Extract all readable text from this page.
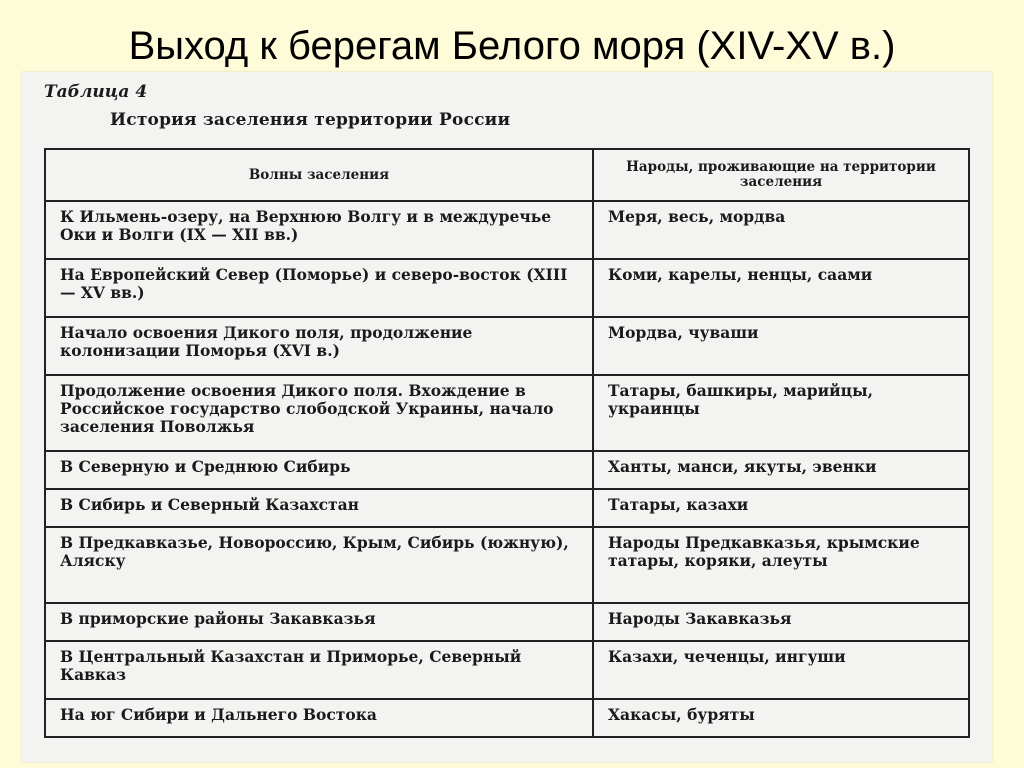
Выход к берегам Белого моря (XIV-XV в.)
Таблица 4
История заселения территории России
Волны заселения	Народы, проживающие на территории заселения
К Ильмень-озеру, на Верхнюю Волгу и в междуречье Оки и Волги (IX — XII вв.)	Меря, весь, мордва
На Европейский Север (Поморье) и северо-восток (XIII — XV вв.)	Коми, карелы, ненцы, саами
Начало освоения Дикого поля, продолжение колонизации Поморья (XVI в.)	Мордва, чуваши
Продолжение освоения Дикого поля. Вхождение в Российское государство слободской Украины, начало заселения Поволжья	Татары, башкиры, марийцы, украинцы
В Северную и Среднюю Сибирь	Ханты, манси, якуты, эвенки
В Сибирь и Северный Казахстан	Татары, казахи
В Предкавказье, Новороссию, Крым, Сибирь (южную), Аляску	Народы Предкавказья, крымские татары, коряки, алеуты
В приморские районы Закавказья	Народы Закавказья
В Центральный Казахстан и Приморье, Северный Кавказ	Казахи, чеченцы, ингуши
На юг Сибири и Дальнего Востока	Хакасы, буряты
